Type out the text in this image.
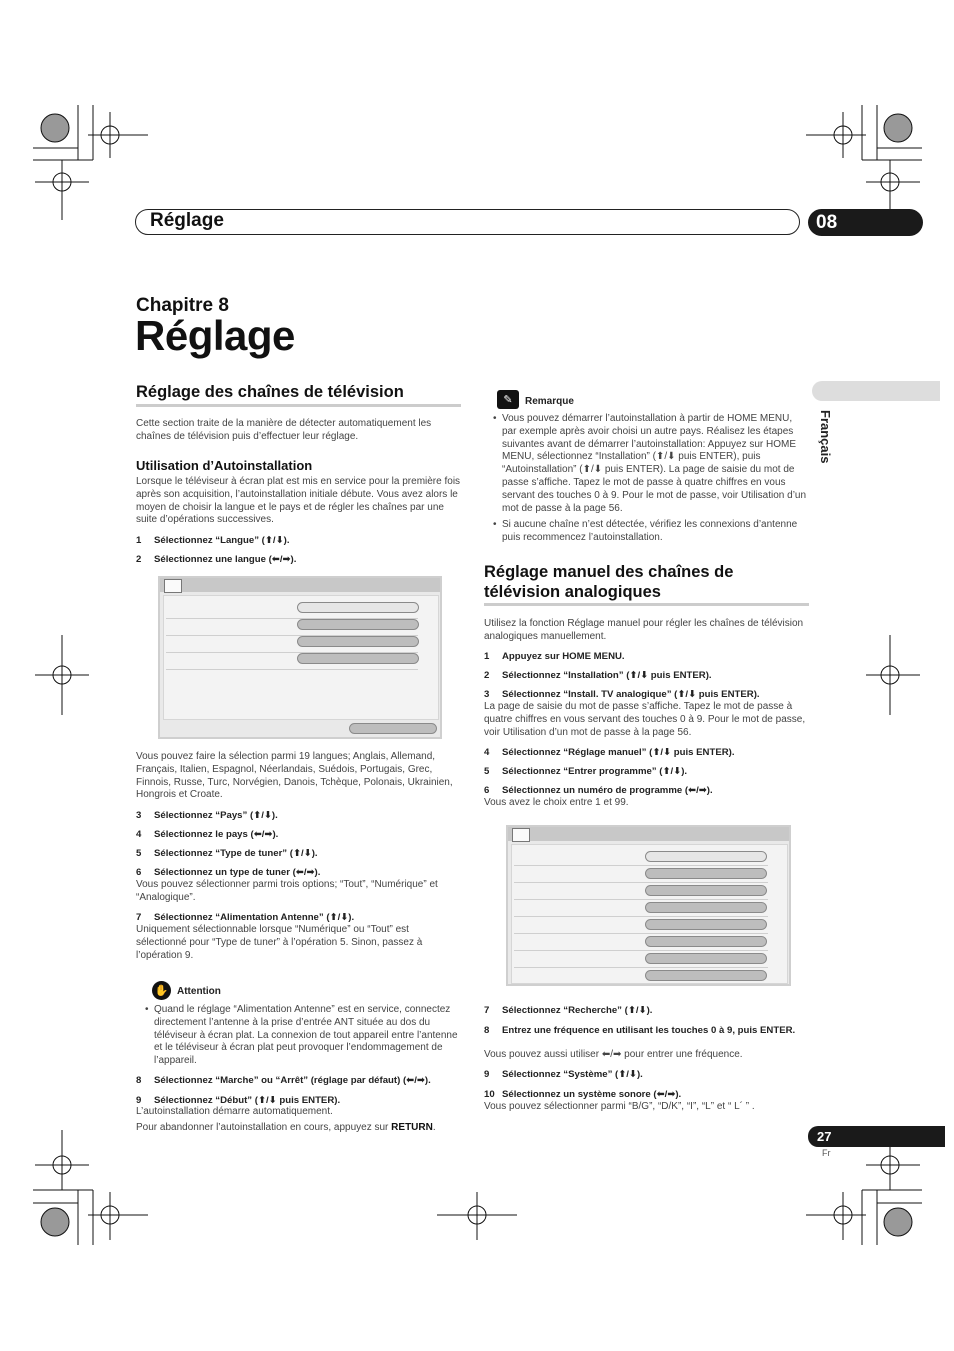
Réglage	08
Chapitre 8
Réglage
Français
Réglage des chaînes de télévision

Cette section traite de la manière de détecter automatiquement les chaînes de télévision puis d’effectuer leur réglage.

Utilisation d’Autoinstallation

Lorsque le téléviseur à écran plat est mis en service pour la première fois après son acquisition, l’autoinstallation initiale débute. Vous avez alors le moyen de choisir la langue et le pays et de régler les chaînes par une suite d’opérations successives.

1 Sélectionnez “Langue” (⬆/⬇).
2 Sélectionnez une langue (⬅/➡).

Vous pouvez faire la sélection parmi 19 langues; Anglais, Allemand, Français, Italien, Espagnol, Néerlandais, Suédois, Portugais, Grec, Finnois, Russe, Turc, Norvégien, Danois, Tchèque, Polonais, Ukrainien, Hongrois et Croate.

3 Sélectionnez “Pays” (⬆/⬇).
4 Sélectionnez le pays (⬅/➡).
5 Sélectionnez “Type de tuner” (⬆/⬇).
6 Sélectionnez un type de tuner (⬅/➡).

Vous pouvez sélectionner parmi trois options; “Tout”, “Numérique” et “Analogique”.

7 Sélectionnez “Alimentation Antenne” (⬆/⬇).

Uniquement sélectionnable lorsque “Numérique” ou “Tout” est sélectionné pour “Type de tuner” à l’opération 5. Sinon, passez à l’opération 9.

✋ Attention

• Quand le réglage “Alimentation Antenne” est en service, connectez directement l’antenne à la prise d’entrée ANT située au dos du téléviseur à écran plat. La connexion de tout appareil entre l’antenne et le téléviseur à écran plat peut provoquer l’endommagement de l’appareil.

8 Sélectionnez “Marche” ou “Arrêt” (réglage par défaut) (⬅/➡).
9 Sélectionnez “Début” (⬆/⬇ puis ENTER).

L’autoinstallation démarre automatiquement.

Pour abandonner l’autoinstallation en cours, appuyez sur RETURN.

✎	Remarque

• Vous pouvez démarrer l’autoinstallation à partir de HOME MENU, par exemple après avoir choisi un autre pays. Réalisez les étapes suivantes avant de démarrer l’autoinstallation: Appuyez sur HOME MENU, sélectionnez “Installation” (⬆/⬇ puis ENTER), puis “Autoinstallation” (⬆/⬇ puis ENTER). La page de saisie du mot de passe s’affiche. Tapez le mot de passe à quatre chiffres en vous servant des touches 0 à 9. Pour le mot de passe, voir Utilisation d’un mot de passe à la page 56.

• Si aucune chaîne n’est détectée, vérifiez les connexions d’antenne puis recommencez l’autoinstallation.

Réglage manuel des chaînes de télévision analogiques

Utilisez la fonction Réglage manuel pour régler les chaînes de télévision analogiques manuellement.

1 Appuyez sur HOME MENU.
2 Sélectionnez “Installation” (⬆/⬇ puis ENTER).
3 Sélectionnez “Install. TV analogique” (⬆/⬇ puis ENTER).

La page de saisie du mot de passe s’affiche. Tapez le mot de passe à quatre chiffres en vous servant des touches 0 à 9. Pour le mot de passe, voir Utilisation d’un mot de passe à la page 56.

4 Sélectionnez “Réglage manuel” (⬆/⬇ puis ENTER).
5 Sélectionnez “Entrer programme” (⬆/⬇).
6 Sélectionnez un numéro de programme (⬅/➡).

Vous avez le choix entre 1 et 99.

7 Sélectionnez “Recherche” (⬆/⬇).
8 Entrez une fréquence en utilisant les touches 0 à 9, puis ENTER.

Vous pouvez aussi utiliser ⬅/➡ pour entrer une fréquence.

9 Sélectionnez “Système” (⬆/⬇).
10 Sélectionnez un système sonore (⬅/➡).

Vous pouvez sélectionner parmi “B/G”, “D/K”, “I”, “L” et “ L´ ” .

27
Fr
